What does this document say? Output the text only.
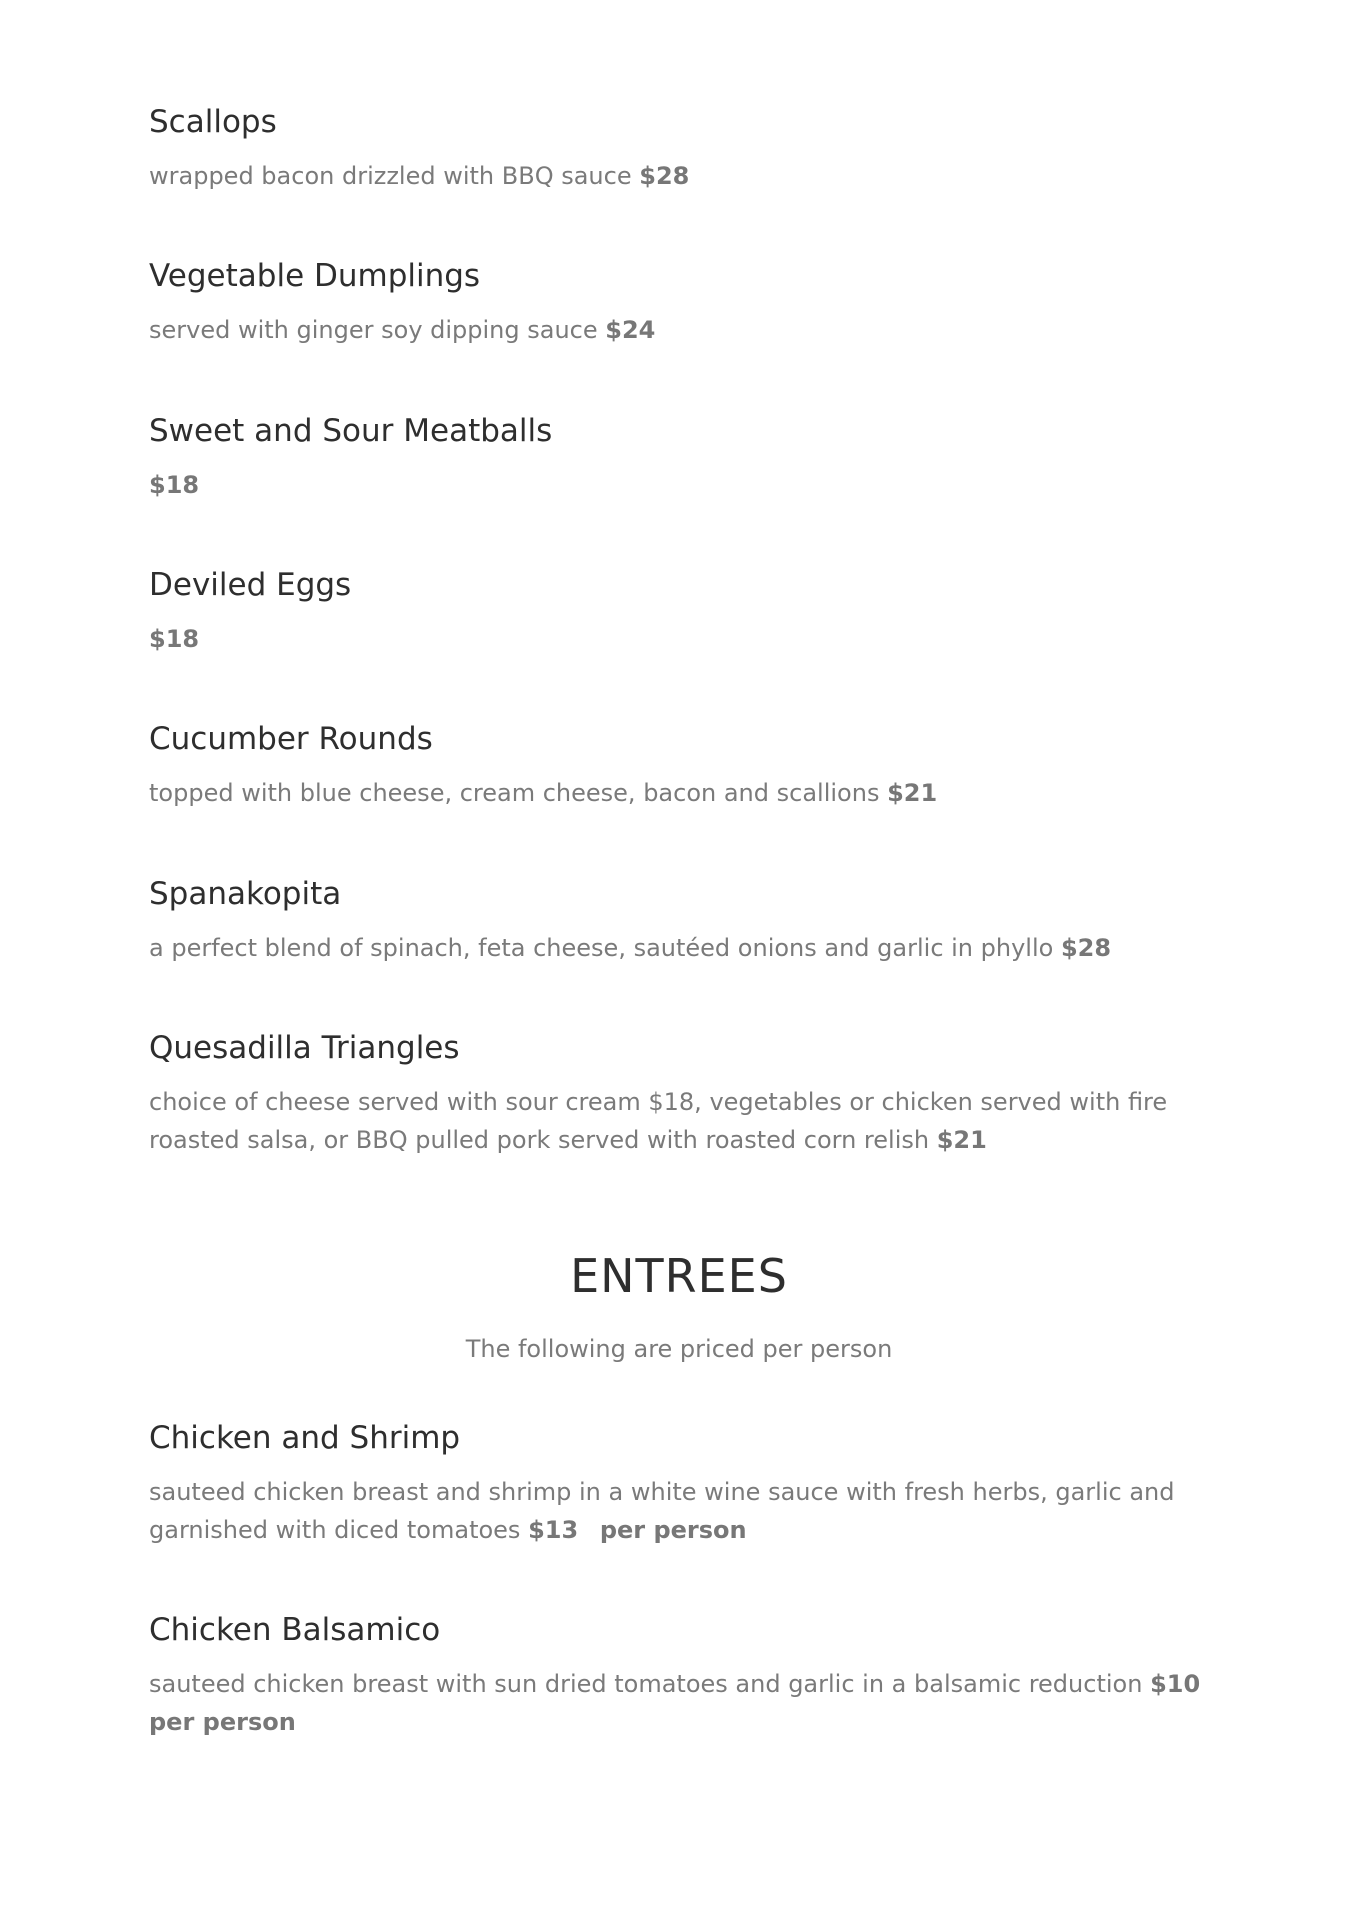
Scallops

wrapped bacon drizzled with BBQ sauce $28

Vegetable Dumplings

served with ginger soy dipping sauce $24

Sweet and Sour Meatballs

$18

Deviled Eggs

$18

Cucumber Rounds

topped with blue cheese, cream cheese, bacon and scallions $21

Spanakopita

a perfect blend of spinach, feta cheese, sautéed onions and garlic in phyllo $28

Quesadilla Triangles

choice of cheese served with sour cream $18, vegetables or chicken served with fire roasted salsa, or BBQ pulled pork served with roasted corn relish $21

ENTREES

The following are priced per person

Chicken and Shrimp

sauteed chicken breast and shrimp in a white wine sauce with fresh herbs, garlic and garnished with diced tomatoes $13 per person

Chicken Balsamico

sauteed chicken breast with sun dried tomatoes and garlic in a balsamic reduction $10 per person
